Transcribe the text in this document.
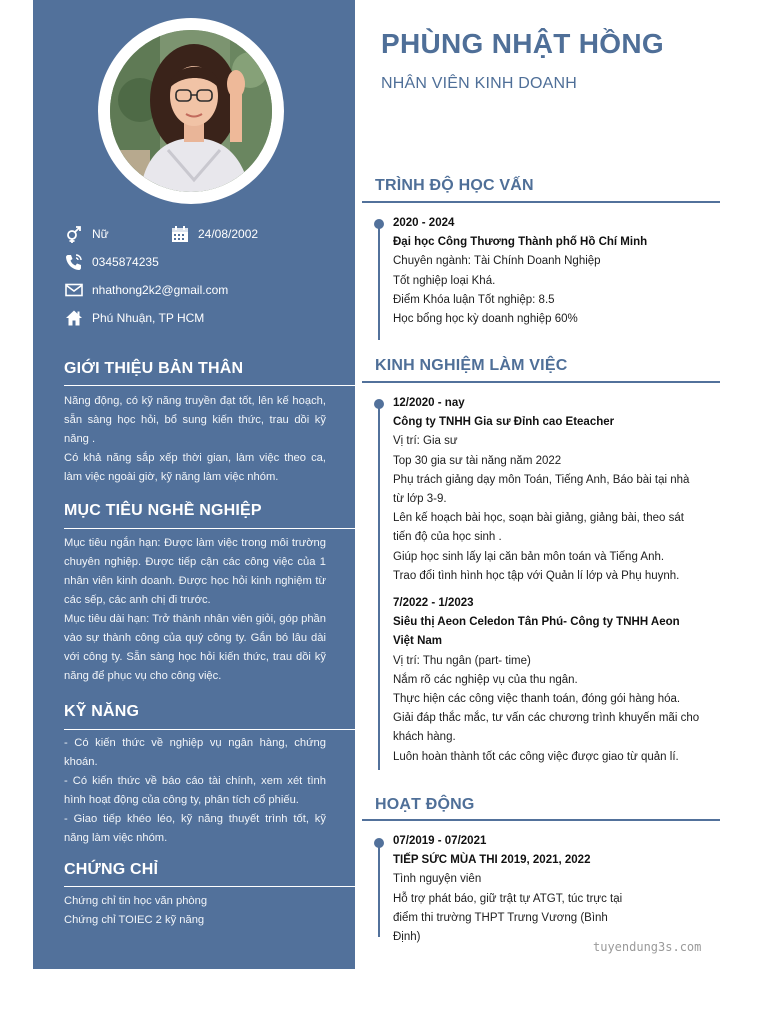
Nữ	24/08/2002
0345874235
nhathong2k2@gmail.com
Phú Nhuận, TP HCM
GIỚI THIỆU BẢN THÂN

Năng động, có kỹ năng truyền đạt tốt, lên kế hoạch, sẵn sàng học hỏi, bổ sung kiến thức, trau dồi kỹ năng .

Có khả năng sắp xếp thời gian, làm việc theo ca, làm việc ngoài giờ, kỹ năng làm việc nhóm.

MỤC TIÊU NGHỀ NGHIỆP

Mục tiêu ngắn hạn: Được làm việc trong môi trường chuyên nghiệp. Được tiếp cận các công việc của 1 nhân viên kinh doanh. Được học hỏi kinh nghiệm từ các sếp, các anh chị đi trước.

Mục tiêu dài hạn: Trở thành nhân viên giỏi, góp phần vào sự thành công của quý công ty. Gắn bó lâu dài với công ty. Sẵn sàng học hỏi kiến thức, trau dồi kỹ năng để phục vụ cho công việc.

KỸ NĂNG

- Có kiến thức về nghiệp vụ ngân hàng, chứng khoán.

- Có kiến thức về báo cáo tài chính, xem xét tình hình hoạt động của công ty, phân tích cổ phiếu.

- Giao tiếp khéo léo, kỹ năng thuyết trình tốt, kỹ năng làm việc nhóm.

CHỨNG CHỈ

Chứng chỉ tin học văn phòng

Chứng chỉ TOIEC 2 kỹ năng

PHÙNG NHẬT HỒNG
NHÂN VIÊN KINH DOANH
TRÌNH ĐỘ HỌC VẤN
2020 - 2024
Đại học Công Thương Thành phố Hồ Chí Minh
Chuyên ngành: Tài Chính Doanh Nghiệp
Tốt nghiệp loại Khá.
Điểm Khóa luận Tốt nghiệp: 8.5
Học bổng học kỳ doanh nghiệp 60%
KINH NGHIỆM LÀM VIỆC
12/2020 - nay
Công ty TNHH Gia sư Đỉnh cao Eteacher
Vị trí: Gia sư
Top 30 gia sư tài năng năm 2022
Phụ trách giảng dạy môn Toán, Tiếng Anh, Báo bài tại nhà từ lớp 3-9.
Lên kế hoạch bài học, soạn bài giảng, giảng bài, theo sát tiến độ của học sinh .
Giúp học sinh lấy lại căn bản môn toán và Tiếng Anh.
Trao đổi tình hình học tập với Quản lí lớp và Phụ huynh.
7/2022 - 1/2023
Siêu thị Aeon Celedon Tân Phú- Công ty TNHH Aeon Việt Nam
Vị trí: Thu ngân (part- time)
Nắm rõ các nghiệp vụ của thu ngân.
Thực hiện các công việc thanh toán, đóng gói hàng hóa.
Giải đáp thắc mắc, tư vấn các chương trình khuyến mãi cho khách hàng.
Luôn hoàn thành tốt các công việc được giao từ quản lí.
HOẠT ĐỘNG
07/2019 - 07/2021
TIẾP SỨC MÙA THI 2019, 2021, 2022
Tình nguyện viên
Hỗ trợ phát báo, giữ trật tự ATGT, túc trực tại điểm thi trường THPT Trưng Vương (Bình Định)
tuyendung3s.com
